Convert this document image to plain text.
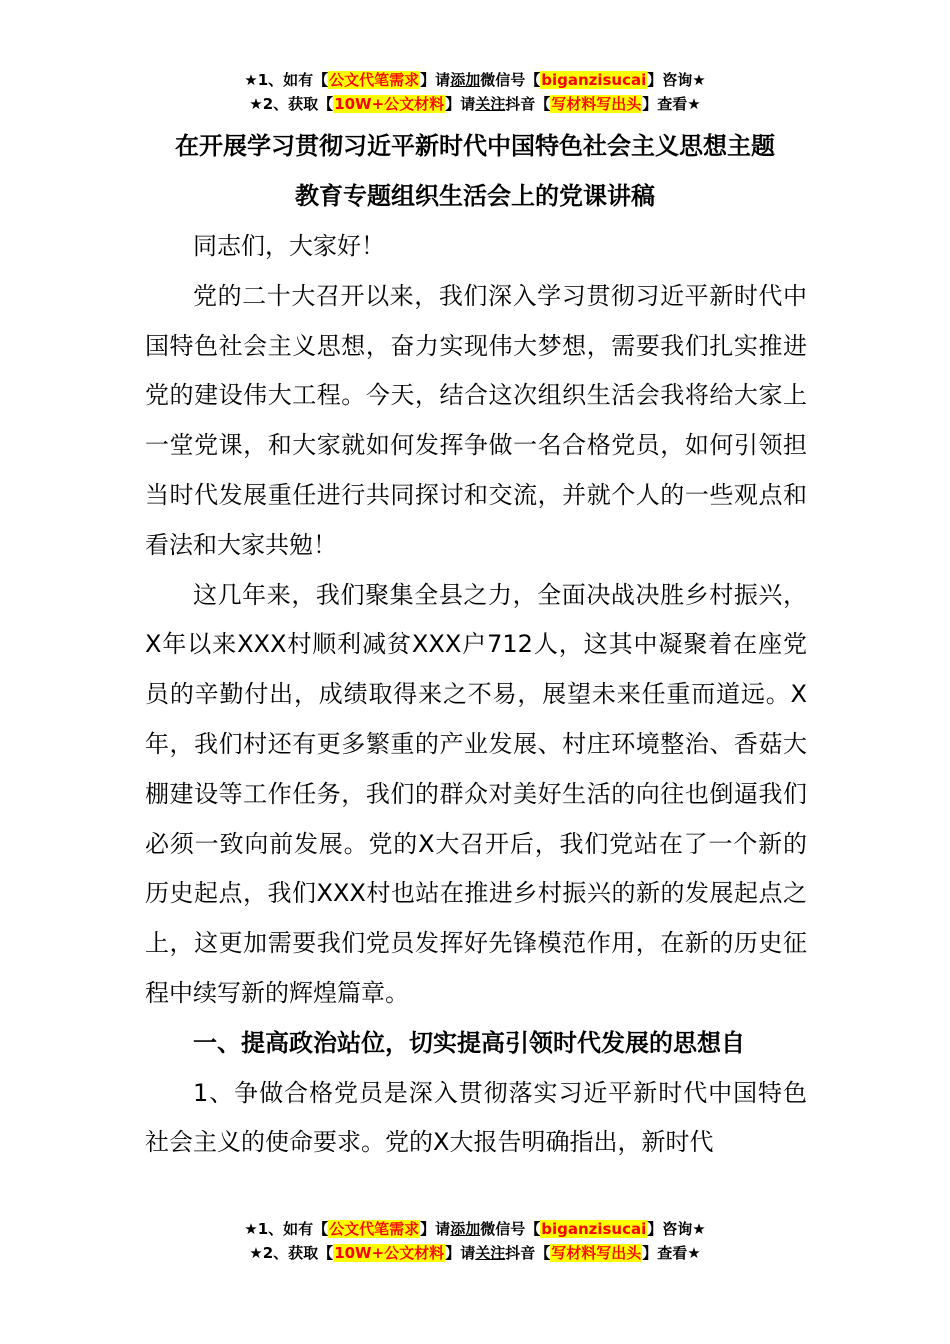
★1、如有【公文代笔需求】请添加微信号【biganzisucai】咨询★
★2、获取【10W+公文材料】请关注抖音【写材料写出头】查看★
在开展学习贯彻习近平新时代中国特色社会主义思想主题
教育专题组织生活会上的党课讲稿

同志们，大家好！

党的二十大召开以来，我们深入学习贯彻习近平新时代中国特色社会主义思想，奋力实现伟大梦想，需要我们扎实推进党的建设伟大工程。今天，结合这次组织生活会我将给大家上一堂党课，和大家就如何发挥争做一名合格党员，如何引领担当时代发展重任进行共同探讨和交流，并就个人的一些观点和看法和大家共勉！

这几年来，我们聚集全县之力，全面决战决胜乡村振兴，X年以来XXX村顺利减贫XXX户712人，这其中凝聚着在座党员的辛勤付出，成绩取得来之不易，展望未来任重而道远。X年，我们村还有更多繁重的产业发展、村庄环境整治、香菇大棚建设等工作任务，我们的群众对美好生活的向往也倒逼我们必须一致向前发展。党的X大召开后，我们党站在了一个新的历史起点，我们XXX村也站在推进乡村振兴的新的发展起点之上，这更加需要我们党员发挥好先锋模范作用，在新的历史征程中续写新的辉煌篇章。

一、提高政治站位，切实提高引领时代发展的思想自

1、争做合格党员是深入贯彻落实习近平新时代中国特色社会主义的使命要求。党的X大报告明确指出，新时代

★1、如有【公文代笔需求】请添加微信号【biganzisucai】咨询★
★2、获取【10W+公文材料】请关注抖音【写材料写出头】查看★
